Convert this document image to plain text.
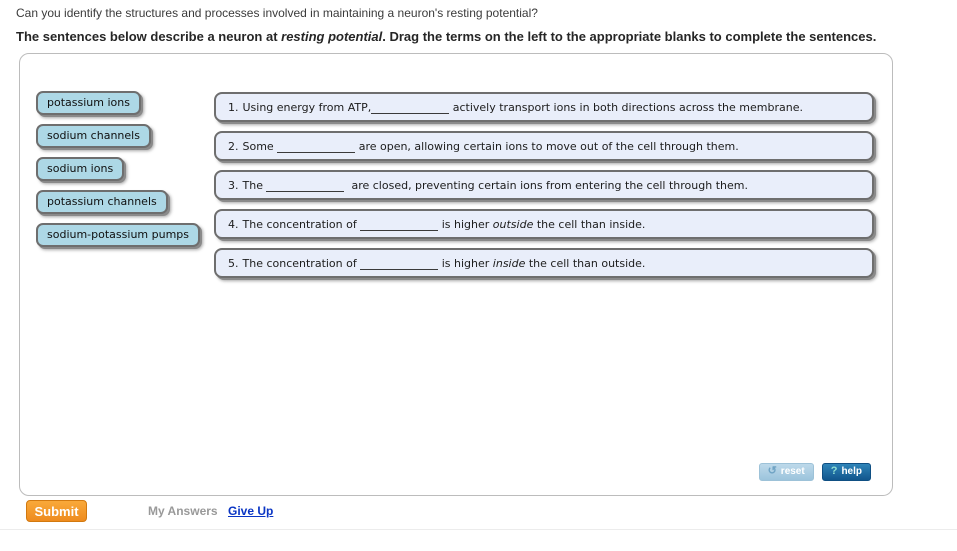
Can you identify the structures and processes involved in maintaining a neuron's resting potential?
The sentences below describe a neuron at resting potential. Drag the terms on the left to the appropriate blanks to complete the sentences.
potassium ions
sodium channels
sodium ions
potassium channels
sodium-potassium pumps
1. Using energy from ATP,	actively transport ions in both directions across the membrane.
2. Some	are open, allowing certain ions to move out of the cell through them.
3. The	are closed, preventing certain ions from entering the cell through them.
4. The concentration of	is higher outside the cell than inside.
5. The concentration of	is higher inside the cell than outside.
↺ reset ? help
Submit	My Answers Give Up
